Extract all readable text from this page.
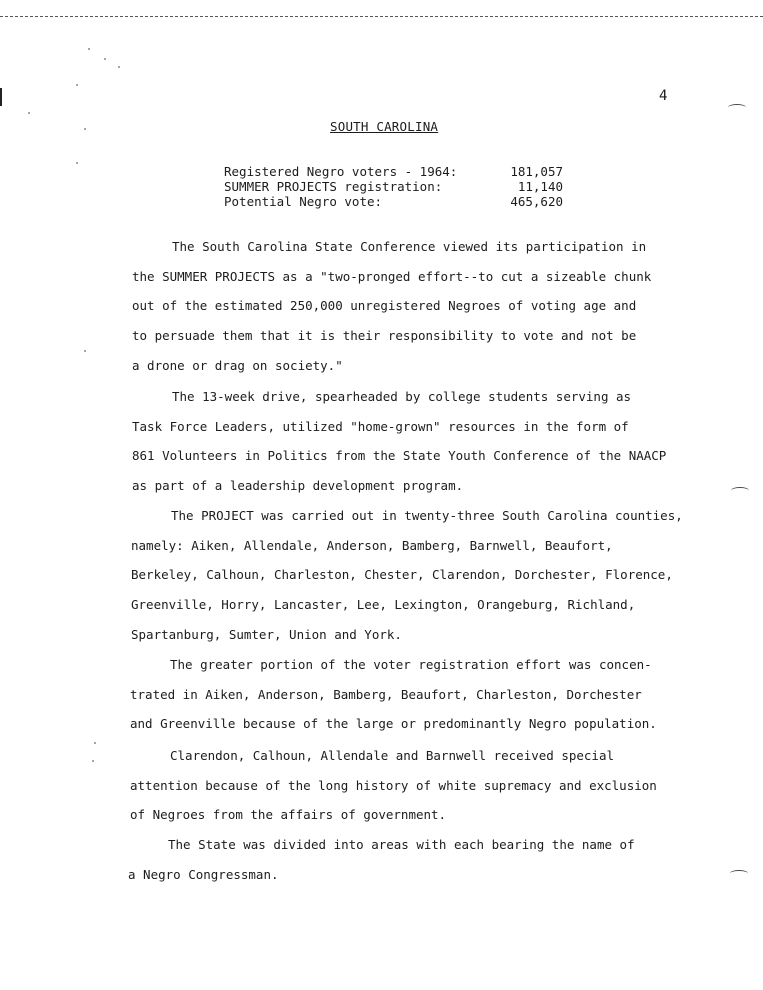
4
SOUTH CAROLINA
Registered Negro voters - 1964:	181,057
SUMMER PROJECTS registration:	11,140
Potential Negro vote:	465,620
The South Carolina State Conference viewed its participation in
the SUMMER PROJECTS as a "two-pronged effort--to cut a sizeable chunk
out of the estimated 250,000 unregistered Negroes of voting age and
to persuade them that it is their responsibility to vote and not be
a drone or drag on society."
The 13-week drive, spearheaded by college students serving as
Task Force Leaders, utilized "home-grown" resources in the form of
861 Volunteers in Politics from the State Youth Conference of the NAACP
as part of a leadership development program.
The PROJECT was carried out in twenty-three South Carolina counties,
namely: Aiken, Allendale, Anderson, Bamberg, Barnwell, Beaufort,
Berkeley, Calhoun, Charleston, Chester, Clarendon, Dorchester, Florence,
Greenville, Horry, Lancaster, Lee, Lexington, Orangeburg, Richland,
Spartanburg, Sumter, Union and York.
The greater portion of the voter registration effort was concen-
trated in Aiken, Anderson, Bamberg, Beaufort, Charleston, Dorchester
and Greenville because of the large or predominantly Negro population.
Clarendon, Calhoun, Allendale and Barnwell received special
attention because of the long history of white supremacy and exclusion
of Negroes from the affairs of government.
The State was divided into areas with each bearing the name of
a Negro Congressman.
